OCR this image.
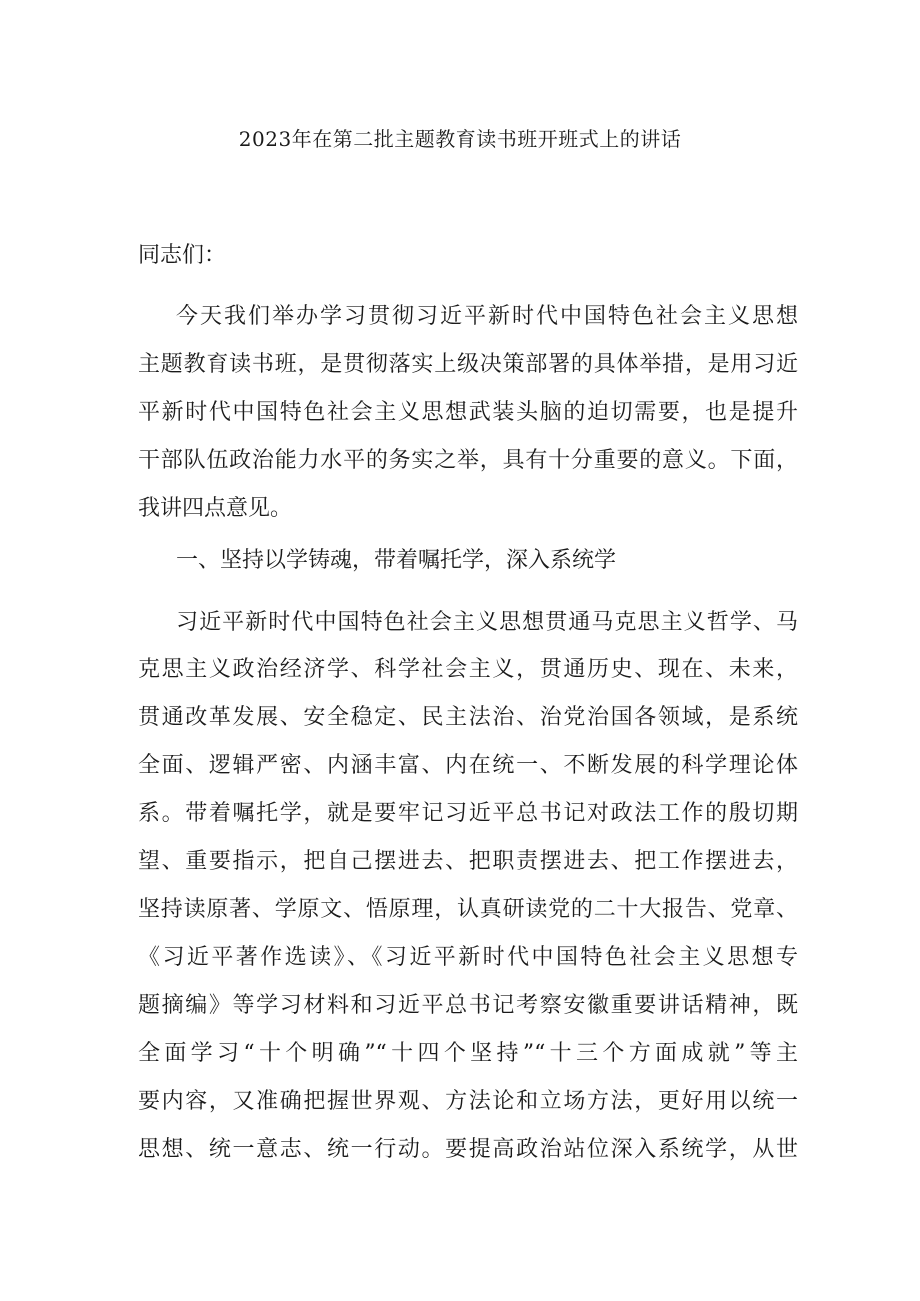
2023年在第二批主题教育读书班开班式上的讲话
同志们：
今天我们举办学习贯彻习近平新时代中国特色社会主义思想
主题教育读书班，是贯彻落实上级决策部署的具体举措，是用习近
平新时代中国特色社会主义思想武装头脑的迫切需要，也是提升
干部队伍政治能力水平的务实之举，具有十分重要的意义。下面，
我讲四点意见。
一、坚持以学铸魂，带着嘱托学，深入系统学
习近平新时代中国特色社会主义思想贯通马克思主义哲学、马
克思主义政治经济学、科学社会主义，贯通历史、现在、未来，
贯通改革发展、安全稳定、民主法治、治党治国各领域，是系统
全面、逻辑严密、内涵丰富、内在统一、不断发展的科学理论体
系。带着嘱托学，就是要牢记习近平总书记对政法工作的殷切期
望、重要指示，把自己摆进去、把职责摆进去、把工作摆进去，
坚持读原著、学原文、悟原理，认真研读党的二十大报告、党章、
《习近平著作选读》、《习近平新时代中国特色社会主义思想专
题摘编》等学习材料和习近平总书记考察安徽重要讲话精神，既
全面学习“十个明确”“十四个坚持”“十三个方面成就”等主
要内容，又准确把握世界观、方法论和立场方法，更好用以统一
思想、统一意志、统一行动。要提高政治站位深入系统学，从世
